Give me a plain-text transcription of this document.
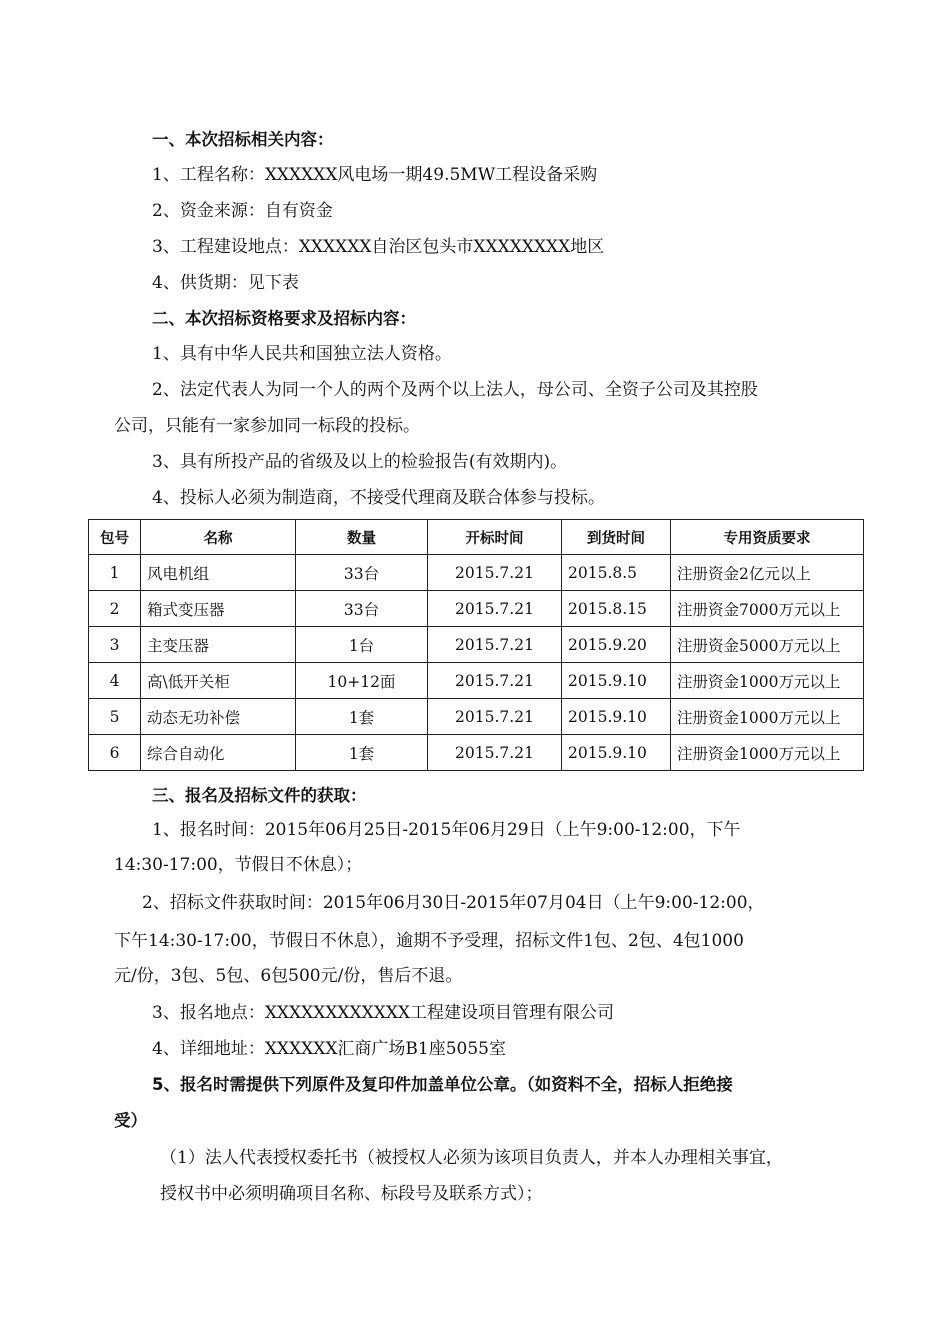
一、本次招标相关内容：
1、工程名称：XXXXXX风电场一期49.5MW工程设备采购
2、资金来源：自有资金
3、工程建设地点：XXXXXX自治区包头市XXXXXXXX地区
4、供货期：见下表
二、本次招标资格要求及招标内容：
1、具有中华人民共和国独立法人资格。
2、法定代表人为同一个人的两个及两个以上法人，母公司、全资子公司及其控股
公司，只能有一家参加同一标段的投标。
3、具有所投产品的省级及以上的检验报告(有效期内)。
4、投标人必须为制造商，不接受代理商及联合体参与投标。
包号	名称	数量	开标时间	到货时间	专用资质要求
1	风电机组	33台	2015.7.21	2015.8.5	注册资金2亿元以上
2	箱式变压器	33台	2015.7.21	2015.8.15	注册资金7000万元以上
3	主变压器	1台	2015.7.21	2015.9.20	注册资金5000万元以上
4	高\低开关柜	10+12面	2015.7.21	2015.9.10	注册资金1000万元以上
5	动态无功补偿	1套	2015.7.21	2015.9.10	注册资金1000万元以上
6	综合自动化	1套	2015.7.21	2015.9.10	注册资金1000万元以上
三、报名及招标文件的获取：
1、报名时间：2015年06月25日-2015年06月29日（上午9:00-12:00，下午
14:30-17:00，节假日不休息）；
2、招标文件获取时间：2015年06月30日-2015年07月04日（上午9:00-12:00，
下午14:30-17:00，节假日不休息），逾期不予受理，招标文件1包、2包、4包1000
元/份，3包、5包、6包500元/份，售后不退。
3、报名地点：XXXXXXXXXXXX工程建设项目管理有限公司
4、详细地址：XXXXXX汇商广场B1座5055室
5、报名时需提供下列原件及复印件加盖单位公章。（如资料不全，招标人拒绝接
受）
（1）法人代表授权委托书（被授权人必须为该项目负责人，并本人办理相关事宜，
授权书中必须明确项目名称、标段号及联系方式）；
